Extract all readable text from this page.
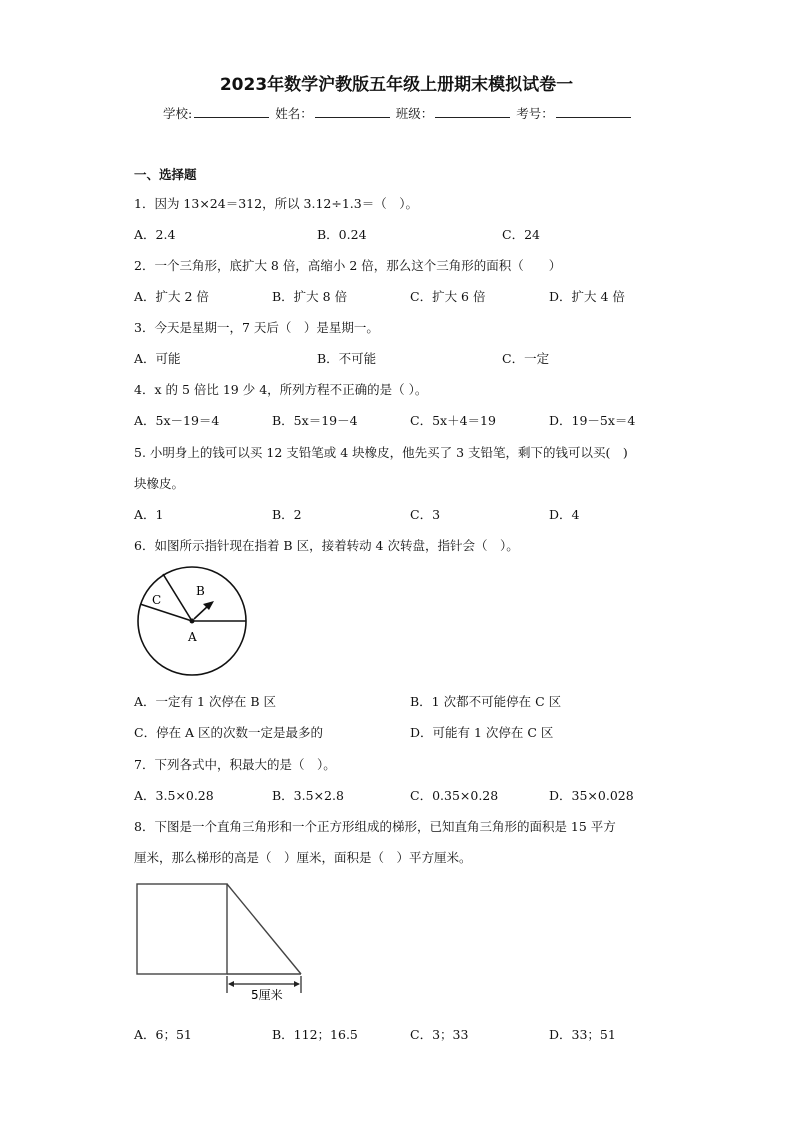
2023年数学沪教版五年级上册期末模拟试卷一
学校:	姓名：	班级：	考号：
一、选择题
1．因为 13×24＝312，所以 3.12÷1.3＝（　）。
A．2.4	B．0.24	C．24
2．一个三角形，底扩大 8 倍，高缩小 2 倍，那么这个三角形的面积（　　）
A．扩大 2 倍	B．扩大 8 倍	C．扩大 6 倍	D．扩大 4 倍
3．今天是星期一，7 天后（　）是星期一。
A．可能	B．不可能	C．一定
4．x 的 5 倍比 19 少 4，所列方程不正确的是（ ）。
A．5x－19＝4	B．5x＝19－4	C．5x＋4＝19	D．19－5x＝4
5. 小明身上的钱可以买 12 支铅笔或 4 块橡皮，他先买了 3 支铅笔，剩下的钱可以买(　)
块橡皮。
A．1	B．2	C．3	D．4
6．如图所示指针现在指着 B 区，接着转动 4 次转盘，指针会（　）。
C
B
A
A．一定有 1 次停在 B 区	B．1 次都不可能停在 C 区
C．停在 A 区的次数一定是最多的	D．可能有 1 次停在 C 区
7．下列各式中，积最大的是（　）。
A．3.5×0.28	B．3.5×2.8	C．0.35×0.28	D．35×0.028
8．下图是一个直角三角形和一个正方形组成的梯形，已知直角三角形的面积是 15 平方
厘米，那么梯形的高是（　）厘米，面积是（　）平方厘米。
5厘米
A．6；51	B．112；16.5	C．3；33	D．33；51
